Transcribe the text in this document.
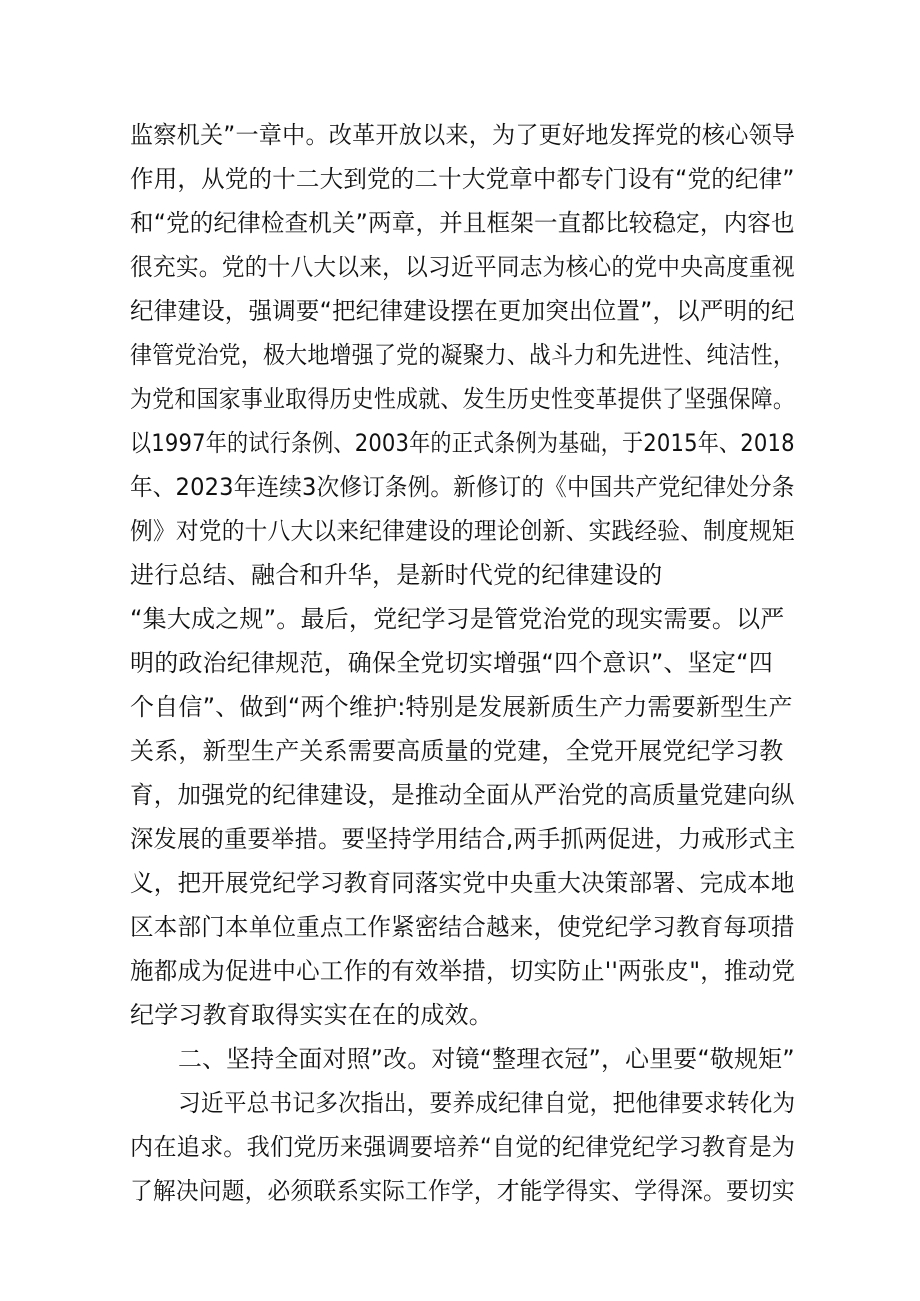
监察机关”一章中。改革开放以来，为了更好地发挥党的核心领导
作用，从党的十二大到党的二十大党章中都专门设有“党的纪律”
和“党的纪律检查机关”两章，并且框架一直都比较稳定，内容也
很充实。党的十八大以来，以习近平同志为核心的党中央高度重视
纪律建设，强调要“把纪律建设摆在更加突出位置”，以严明的纪
律管党治党，极大地增强了党的凝聚力、战斗力和先进性、纯洁性，
为党和国家事业取得历史性成就、发生历史性变革提供了坚强保障。
以1997年的试行条例、2003年的正式条例为基础，于2015年、2018
年、2023年连续3次修订条例。新修订的《中国共产党纪律处分条
例》对党的十八大以来纪律建设的理论创新、实践经验、制度规矩
进行总结、融合和升华，是新时代党的纪律建设的
“集大成之规”。最后，党纪学习是管党治党的现实需要。以严
明的政治纪律规范，确保全党切实增强“四个意识”、坚定“四
个自信”、做到“两个维护:特别是发展新质生产力需要新型生产
关系，新型生产关系需要高质量的党建，全党开展党纪学习教
育，加强党的纪律建设，是推动全面从严治党的高质量党建向纵
深发展的重要举措。要坚持学用结合,两手抓两促进，力戒形式主
义，把开展党纪学习教育同落实党中央重大决策部署、完成本地
区本部门本单位重点工作紧密结合越来，使党纪学习教育每项措
施都成为促进中心工作的有效举措，切实防止''两张皮"，推动党
纪学习教育取得实实在在的成效。
二、坚持全面对照”改。对镜“整理衣冠”，心里要“敬规矩”
习近平总书记多次指出，要养成纪律自觉，把他律要求转化为
内在追求。我们党历来强调要培养“自觉的纪律党纪学习教育是为
了解决问题，必须联系实际工作学，才能学得实、学得深。要切实
